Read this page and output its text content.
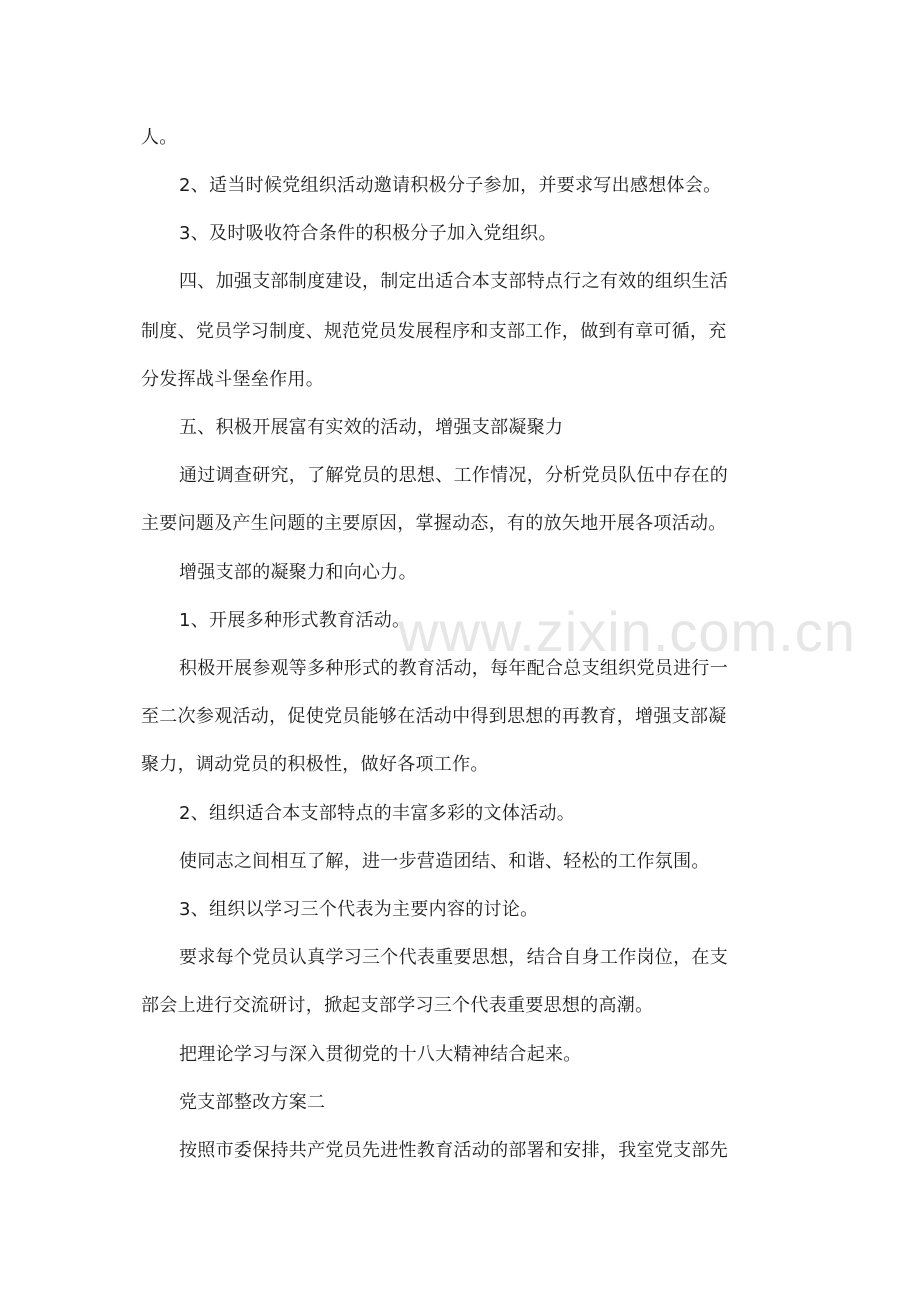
人。
2、适当时候党组织活动邀请积极分子参加，并要求写出感想体会。
3、及时吸收符合条件的积极分子加入党组织。
四、加强支部制度建设，制定出适合本支部特点行之有效的组织生活
制度、党员学习制度、规范党员发展程序和支部工作，做到有章可循，充
分发挥战斗堡垒作用。
五、积极开展富有实效的活动，增强支部凝聚力
通过调查研究，了解党员的思想、工作情况，分析党员队伍中存在的
主要问题及产生问题的主要原因，掌握动态，有的放矢地开展各项活动。
增强支部的凝聚力和向心力。
1、开展多种形式教育活动。
积极开展参观等多种形式的教育活动，每年配合总支组织党员进行一
至二次参观活动，促使党员能够在活动中得到思想的再教育，增强支部凝
聚力，调动党员的积极性，做好各项工作。
2、组织适合本支部特点的丰富多彩的文体活动。
使同志之间相互了解，进一步营造团结、和谐、轻松的工作氛围。
3、组织以学习三个代表为主要内容的讨论。
要求每个党员认真学习三个代表重要思想，结合自身工作岗位，在支
部会上进行交流研讨，掀起支部学习三个代表重要思想的高潮。
把理论学习与深入贯彻党的十八大精神结合起来。
党支部整改方案二
按照市委保持共产党员先进性教育活动的部署和安排，我室党支部先
www.zixin.com.cn
